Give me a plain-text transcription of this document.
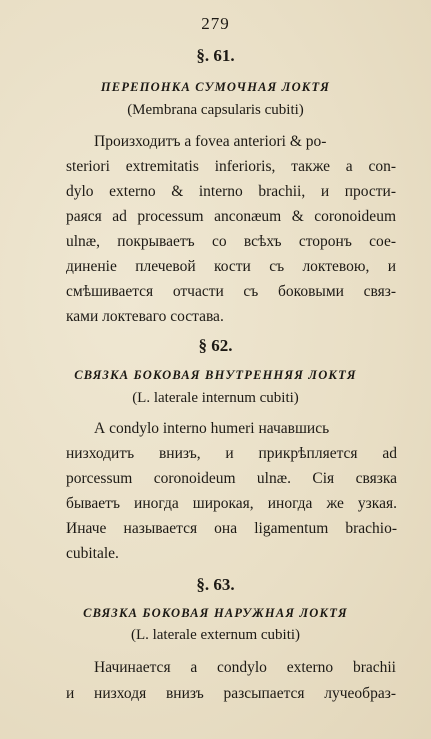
279
§. 61.
ПЕРЕПОНКА СУМОЧНАЯ ЛОКТЯ
(Membrana capsularis cubiti)
Произходитъ а fovea anteriori & po-
steriori extremitatis inferioris, также а con-
dylo externo & interno brachii, и прости-
раяся ad processum anconæum & coronoideum
ulnæ, покрываетъ со всѣхъ сторонъ сое-
диненіе плечевой кости съ локтевою, и
смѣшивается отчасти съ боковыми связ-
ками локтеваго состава.
§ 62.
СВЯЗКА БОКОВАЯ ВНУТРЕННЯЯ ЛОКТЯ
(L. laterale internum cubiti)
А condylo interno humeri начавшись
низходитъ внизъ, и прикрѣпляется ad
porcessum coronoideum ulnæ. Сія связка
бываетъ иногда широкая, иногда же узкая.
Иначе называется она ligamentum brachio-
cubitale.
§. 63.
СВЯЗКА БОКОВАЯ НАРУЖНАЯ ЛОКТЯ
(L. laterale externum cubiti)
Начинается а condylo externo brachii
и низходя внизъ разсыпается лучеобраз-
